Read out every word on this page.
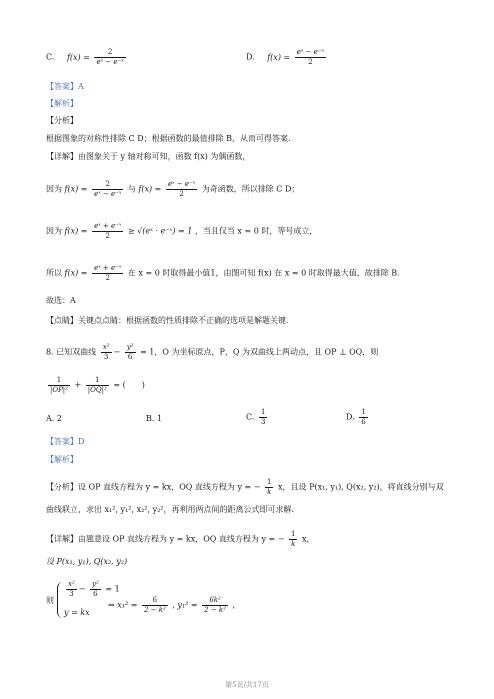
C. $f(x) = \frac{2}{\text{eˣ − e⁻ˣ}}$	D. $f(x) = \frac{\text{eˣ − e⁻ˣ}}{2}$
【答案】A
【解析】
【分析】
根据图象的对称性排除 C D；根据函数的最值排除 B，从而可得答案.
【详解】由图象关于 y 轴对称可知，函数 f(x) 为偶函数，
因为 $f(x) = \frac{2}{\text{eˣ − e⁻ˣ}}$ 与 $f(x) = \frac{\text{eˣ − e⁻ˣ}}{2}$ 为奇函数，所以排除 C D；
因为 $f(x) = \frac{\text{eˣ + e⁻ˣ}}{2}$ ≥ √(eˣ · e⁻ˣ) = 1 ，当且仅当 x = 0 时，等号成立，
所以 $f(x) = \frac{\text{eˣ + e⁻ˣ}}{2}$ 在 x = 0 时取得最小值1，由图可知 f(x) 在 x = 0 时取得最大值，故排除 B.
故选：A
【点睛】关键点点睛：根据函数的性质排除不正确的选项是解题关键.
8. 已知双曲线 $\frac{\text{x²}}{3} - \frac{\text{y²}}{6} = 1$，O 为坐标原点，P，Q 为双曲线上两动点，且 OP ⊥ OQ，则
$\frac{1}{\text{|OP|²}} + \frac{1}{\text{|OQ|²}}$ = (　　)
A. 2	B. 1	C. $\frac{1}{3}$	D. $\frac{1}{6}$
【答案】D
【解析】
【分析】设 OP 直线方程为 y = kx，OQ 直线方程为 y = − $\frac{1}{k}$ x，且设 P(x₁, y₁), Q(x₂, y₂)，将直线分别与双
曲线联立，求出 x₁², y₁², x₂², y₂²，再利用两点间的距离公式即可求解.
【详解】由题意设 OP 直线方程为 y = kx，OQ 直线方程为 y = − $\frac{1}{k}$ x，
设 P(x₁, y₁), Q(x₂, y₂)
则
$\frac{\text{x²}}{3} - \frac{\text{y²}}{6} = 1$
y = kx
⇒ $x_1^2 = \frac{6}{\text{2 − k²}}$ , $y_1^2 = \frac{\text{6k²}}{\text{2 − k²}}$ ,
第5页/共17页
